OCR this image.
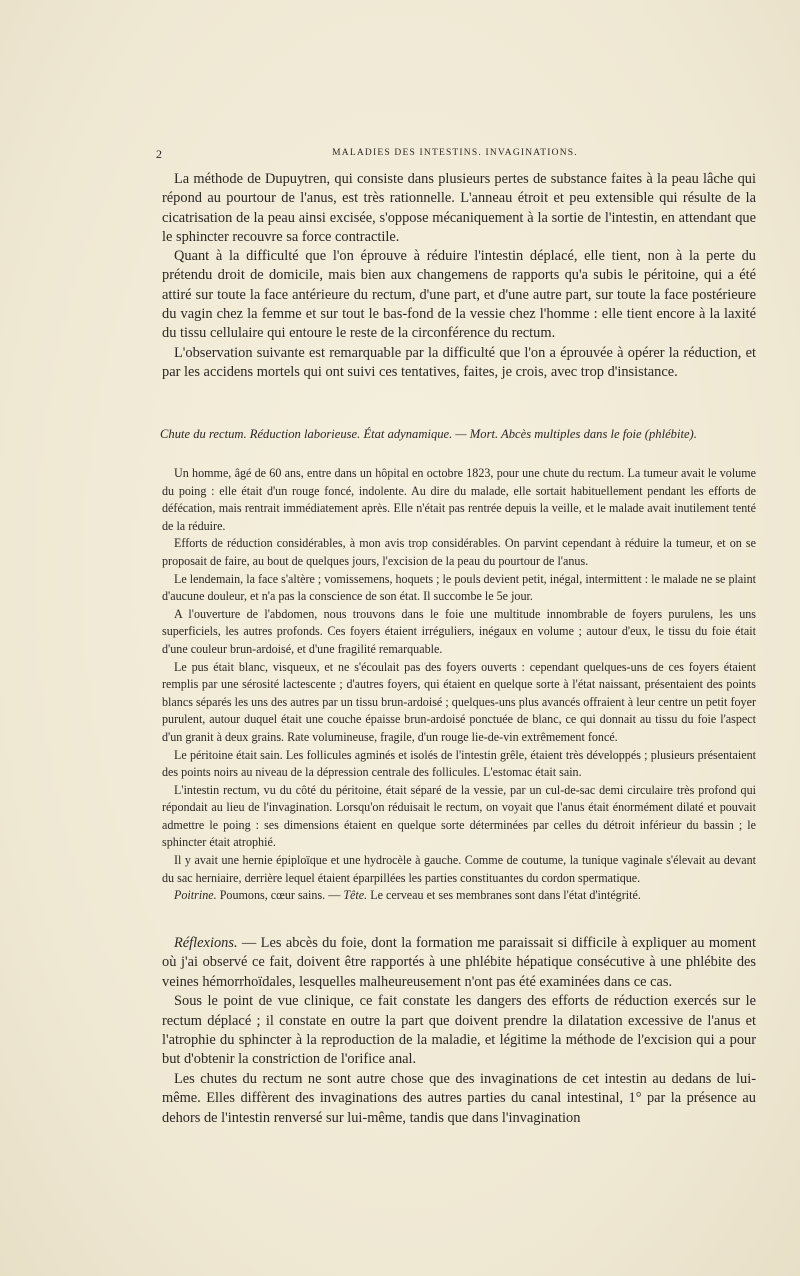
2	MALADIES DES INTESTINS. INVAGINATIONS.

La méthode de Dupuytren, qui consiste dans plusieurs pertes de substance faites à la peau lâche qui répond au pourtour de l'anus, est très rationnelle. L'anneau étroit et peu extensible qui résulte de la cicatrisation de la peau ainsi excisée, s'oppose mécaniquement à la sortie de l'intestin, en attendant que le sphincter recouvre sa force contractile.

Quant à la difficulté que l'on éprouve à réduire l'intestin déplacé, elle tient, non à la perte du prétendu droit de domicile, mais bien aux changemens de rapports qu'a subis le péritoine, qui a été attiré sur toute la face antérieure du rectum, d'une part, et d'une autre part, sur toute la face postérieure du vagin chez la femme et sur tout le bas-fond de la vessie chez l'homme : elle tient encore à la laxité du tissu cellulaire qui entoure le reste de la circonférence du rectum.

L'observation suivante est remarquable par la difficulté que l'on a éprouvée à opérer la réduction, et par les accidens mortels qui ont suivi ces tentatives, faites, je crois, avec trop d'insistance.

Chute du rectum. Réduction laborieuse. État adynamique. — Mort. Abcès multiples dans le foie (phlébite).

Un homme, âgé de 60 ans, entre dans un hôpital en octobre 1823, pour une chute du rectum. La tumeur avait le volume du poing : elle était d'un rouge foncé, indolente. Au dire du malade, elle sortait habituellement pendant les efforts de défécation, mais rentrait immédiatement après. Elle n'était pas rentrée depuis la veille, et le malade avait inutilement tenté de la réduire.

Efforts de réduction considérables, à mon avis trop considérables. On parvint cependant à réduire la tumeur, et on se proposait de faire, au bout de quelques jours, l'excision de la peau du pourtour de l'anus.

Le lendemain, la face s'altère ; vomissemens, hoquets ; le pouls devient petit, inégal, intermittent : le malade ne se plaint d'aucune douleur, et n'a pas la conscience de son état. Il succombe le 5e jour.

A l'ouverture de l'abdomen, nous trouvons dans le foie une multitude innombrable de foyers purulens, les uns superficiels, les autres profonds. Ces foyers étaient irréguliers, inégaux en volume ; autour d'eux, le tissu du foie était d'une couleur brun-ardoisé, et d'une fragilité remarquable.

Le pus était blanc, visqueux, et ne s'écoulait pas des foyers ouverts : cependant quelques-uns de ces foyers étaient remplis par une sérosité lactescente ; d'autres foyers, qui étaient en quelque sorte à l'état naissant, présentaient des points blancs séparés les uns des autres par un tissu brun-ardoisé ; quelques-uns plus avancés offraient à leur centre un petit foyer purulent, autour duquel était une couche épaisse brun-ardoisé ponctuée de blanc, ce qui donnait au tissu du foie l'aspect d'un granit à deux grains. Rate volumineuse, fragile, d'un rouge lie-de-vin extrêmement foncé.

Le péritoine était sain. Les follicules agminés et isolés de l'intestin grêle, étaient très développés ; plusieurs présentaient des points noirs au niveau de la dépression centrale des follicules. L'estomac était sain.

L'intestin rectum, vu du côté du péritoine, était séparé de la vessie, par un cul-de-sac demi circulaire très profond qui répondait au lieu de l'invagination. Lorsqu'on réduisait le rectum, on voyait que l'anus était énormément dilaté et pouvait admettre le poing : ses dimensions étaient en quelque sorte déterminées par celles du détroit inférieur du bassin ; le sphincter était atrophié.

Il y avait une hernie épiploïque et une hydrocèle à gauche. Comme de coutume, la tunique vaginale s'élevait au devant du sac herniaire, derrière lequel étaient éparpillées les parties constituantes du cordon spermatique.

Poitrine. Poumons, cœur sains. — Tête. Le cerveau et ses membranes sont dans l'état d'intégrité.

Réflexions. — Les abcès du foie, dont la formation me paraissait si difficile à expliquer au moment où j'ai observé ce fait, doivent être rapportés à une phlébite hépatique consécutive à une phlébite des veines hémorrhoïdales, lesquelles malheureusement n'ont pas été examinées dans ce cas.

Sous le point de vue clinique, ce fait constate les dangers des efforts de réduction exercés sur le rectum déplacé ; il constate en outre la part que doivent prendre la dilatation excessive de l'anus et l'atrophie du sphincter à la reproduction de la maladie, et légitime la méthode de l'excision qui a pour but d'obtenir la constriction de l'orifice anal.

Les chutes du rectum ne sont autre chose que des invaginations de cet intestin au dedans de lui-même. Elles diffèrent des invaginations des autres parties du canal intestinal, 1° par la présence au dehors de l'intestin renversé sur lui-même, tandis que dans l'invagination
